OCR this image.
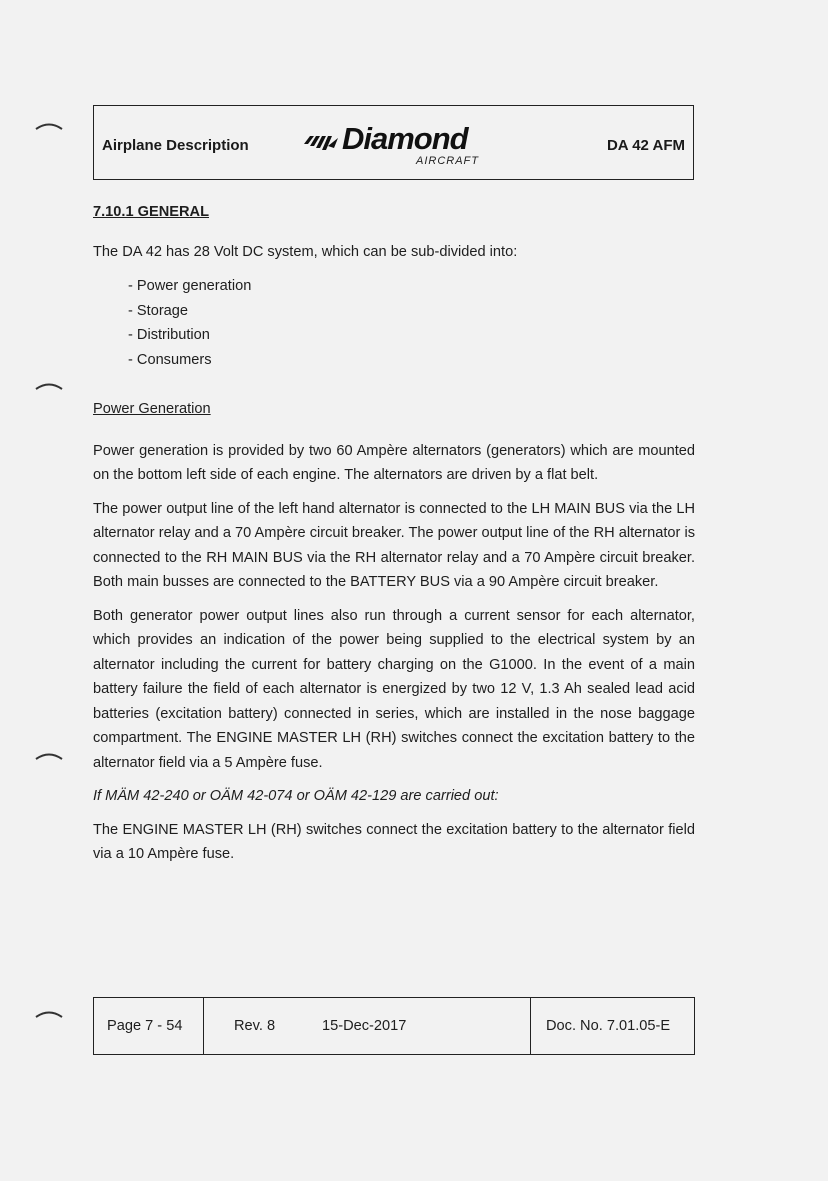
Airplane Description	Diamond
AIRCRAFT
DA 42 AFM

7.10.1 GENERAL

The DA 42 has 28 Volt DC system, which can be sub-divided into:

- Power generation
- Storage
- Distribution
- Consumers

Power Generation

Power generation is provided by two 60 Ampère alternators (generators) which are mounted on the bottom left side of each engine. The alternators are driven by a flat belt.

The power output line of the left hand alternator is connected to the LH MAIN BUS via the LH alternator relay and a 70 Ampère circuit breaker. The power output line of the RH alternator is connected to the RH MAIN BUS via the RH alternator relay and a 70 Ampère circuit breaker. Both main busses are connected to the BATTERY BUS via a 90 Ampère circuit breaker.

Both generator power output lines also run through a current sensor for each alternator, which provides an indication of the power being supplied to the electrical system by an alternator including the current for battery charging on the G1000. In the event of a main battery failure the field of each alternator is energized by two 12 V, 1.3 Ah sealed lead acid batteries (excitation battery) connected in series, which are installed in the nose baggage compartment. The ENGINE MASTER LH (RH) switches connect the excitation battery to the alternator field via a 5 Ampère fuse.

If MÄM 42-240 or OÄM 42-074 or OÄM 42-129 are carried out:

The ENGINE MASTER LH (RH) switches connect the excitation battery to the alternator field via a 10 Ampère fuse.

Page 7 - 54	Rev. 8	15-Dec-2017	Doc. No. 7.01.05-E
